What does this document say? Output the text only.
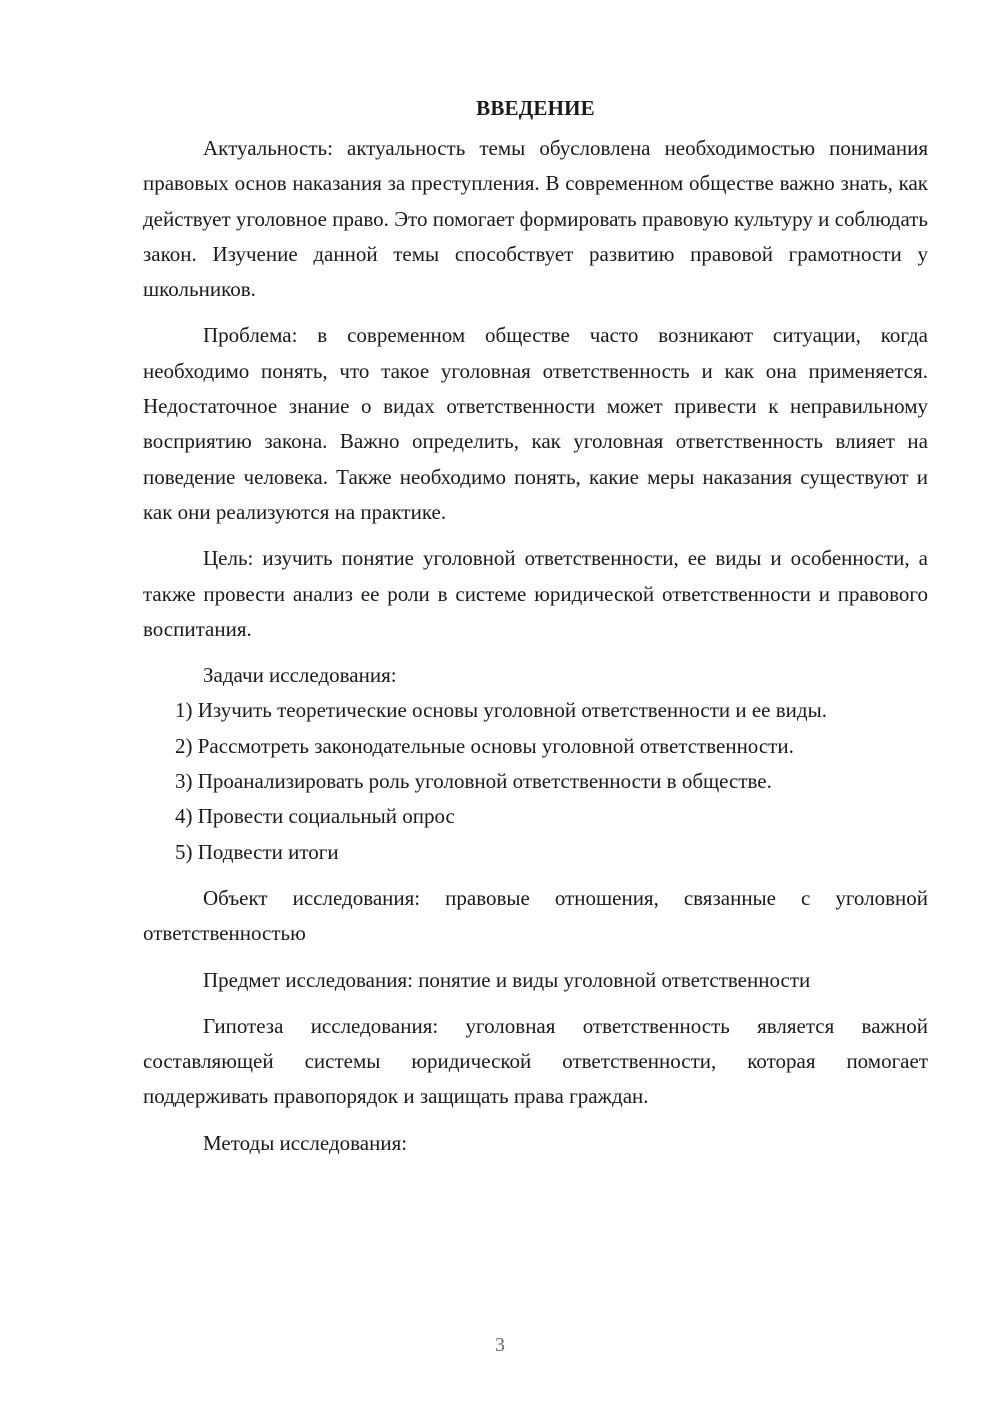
ВВЕДЕНИЕ

Актуальность: актуальность темы обусловлена необходимостью понимания правовых основ наказания за преступления. В современном обществе важно знать, как действует уголовное право. Это помогает формировать правовую культуру и соблюдать закон. Изучение данной темы способствует развитию правовой грамотности у школьников.

Проблема: в современном обществе часто возникают ситуации, когда необходимо понять, что такое уголовная ответственность и как она применяется. Недостаточное знание о видах ответственности может привести к неправильному восприятию закона. Важно определить, как уголовная ответственность влияет на поведение человека. Также необходимо понять, какие меры наказания существуют и как они реализуются на практике.

Цель: изучить понятие уголовной ответственности, ее виды и особенности, а также провести анализ ее роли в системе юридической ответственности и правового воспитания.

Задачи исследования:

1) Изучить теоретические основы уголовной ответственности и ее виды.

2) Рассмотреть законодательные основы уголовной ответственности.

3) Проанализировать роль уголовной ответственности в обществе.

4) Провести социальный опрос

5) Подвести итоги

Объект исследования: правовые отношения, связанные с уголовной ответственностью

Предмет исследования: понятие и виды уголовной ответственности

Гипотеза исследования: уголовная ответственность является важной составляющей системы юридической ответственности, которая помогает поддерживать правопорядок и защищать права граждан.

Методы исследования:

3
